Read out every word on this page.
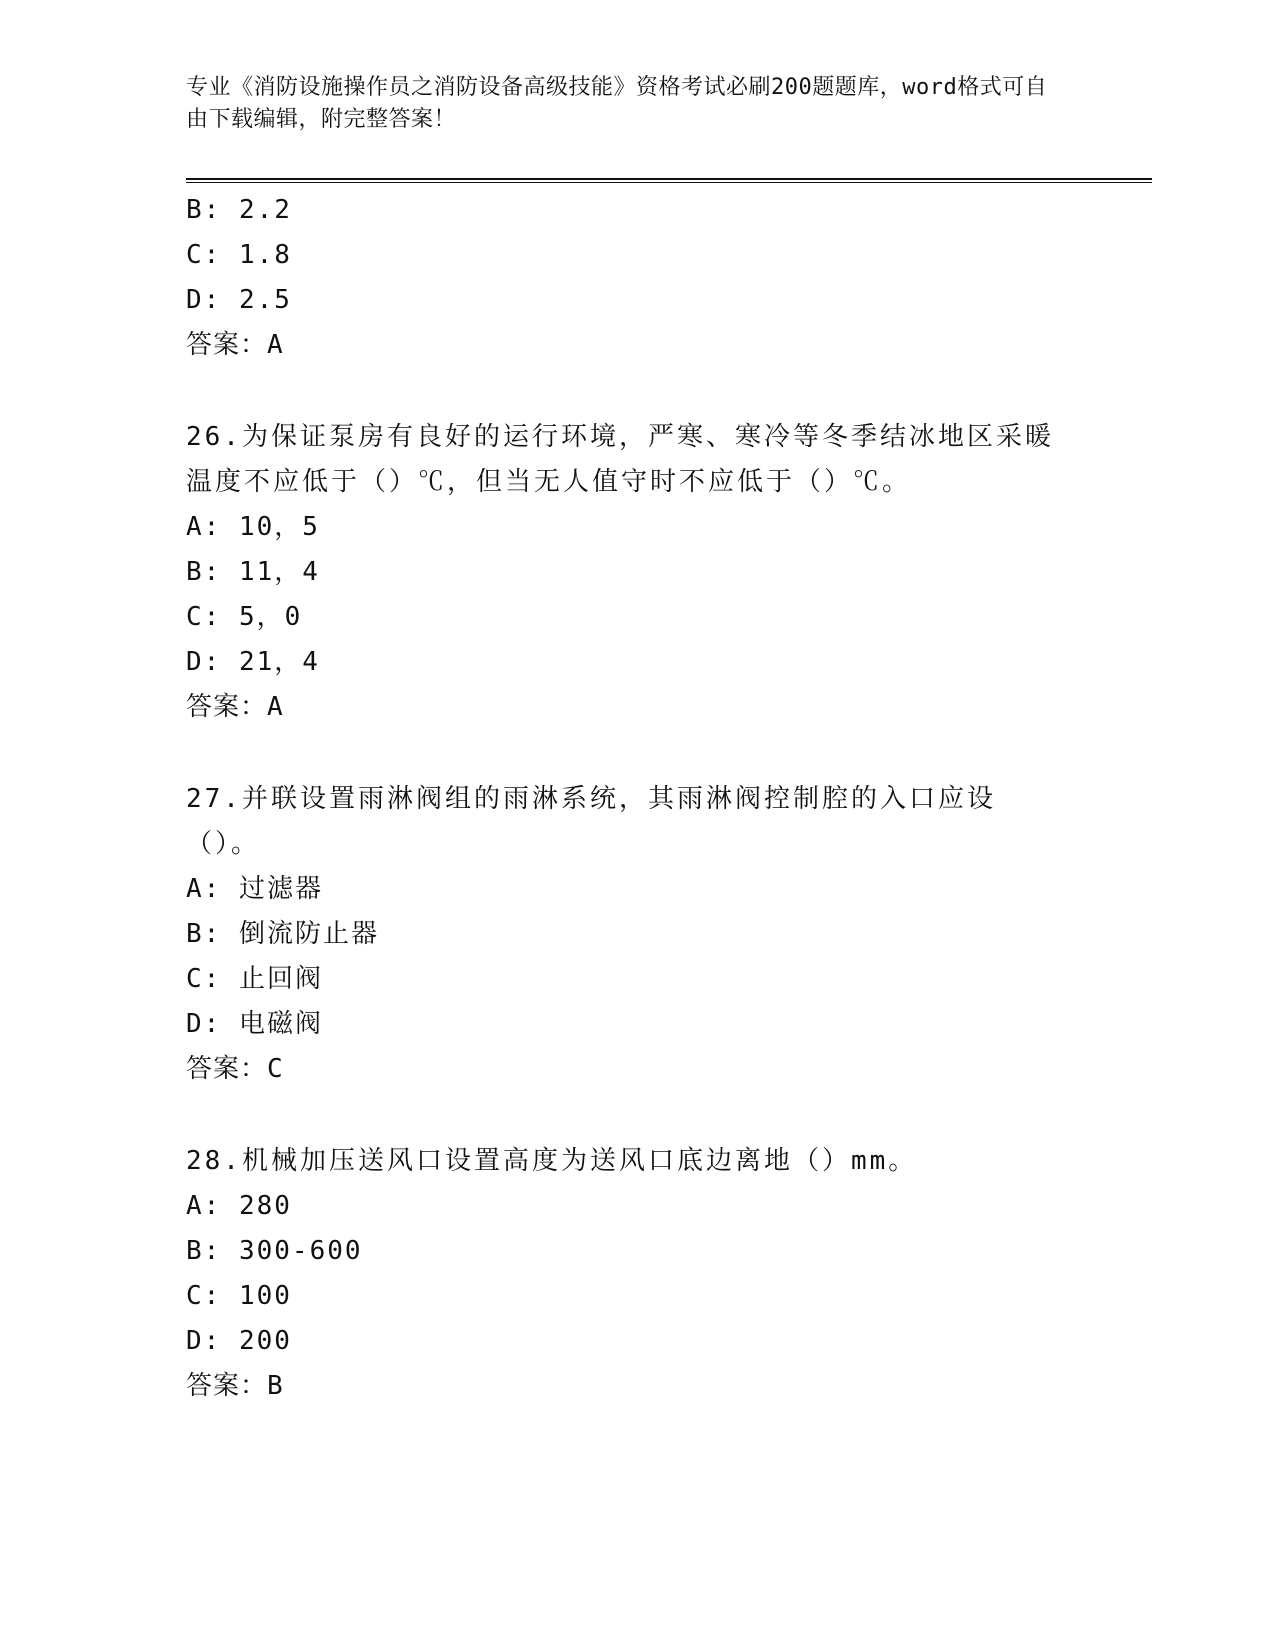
专业《消防设施操作员之消防设备高级技能》资格考试必刷200题题库，word格式可自由下载编辑，附完整答案！
B: 2.2
C: 1.8
D: 2.5
答案：A
26.为保证泵房有良好的运行环境，严寒、寒冷等冬季结冰地区采暖温度不应低于（）℃，但当无人值守时不应低于（）℃。
A: 10，5
B: 11，4
C: 5，0
D: 21，4
答案：A
27.并联设置雨淋阀组的雨淋系统，其雨淋阀控制腔的入口应设（）。
A: 过滤器
B: 倒流防止器
C: 止回阀
D: 电磁阀
答案：C
28.机械加压送风口设置高度为送风口底边离地（）mm。
A: 280
B: 300-600
C: 100
D: 200
答案：B
